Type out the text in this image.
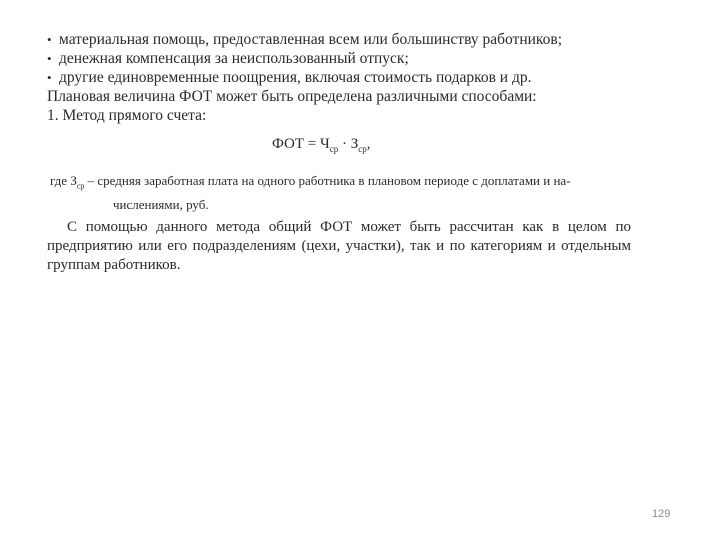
• материальная помощь, предоставленная всем или большинству работников;
• денежная компенсация за неиспользованный отпуск;
• другие единовременные поощрения, включая стоимость подарков и др.
Плановая величина ФОТ может быть определена различными способами:
1. Метод прямого счета:
ФОТ = $Ч_{ср} \cdot З_{ср}$,
где $З_{ср}$ – средняя заработная плата на одного работника в плановом периоде с доплатами и на-
числениями, руб.
С помощью данного метода общий ФОТ может быть рассчитан как в целом по предприятию или его подразделениям (цехи, участки), так и по категориям и отдельным группам работников.
129
